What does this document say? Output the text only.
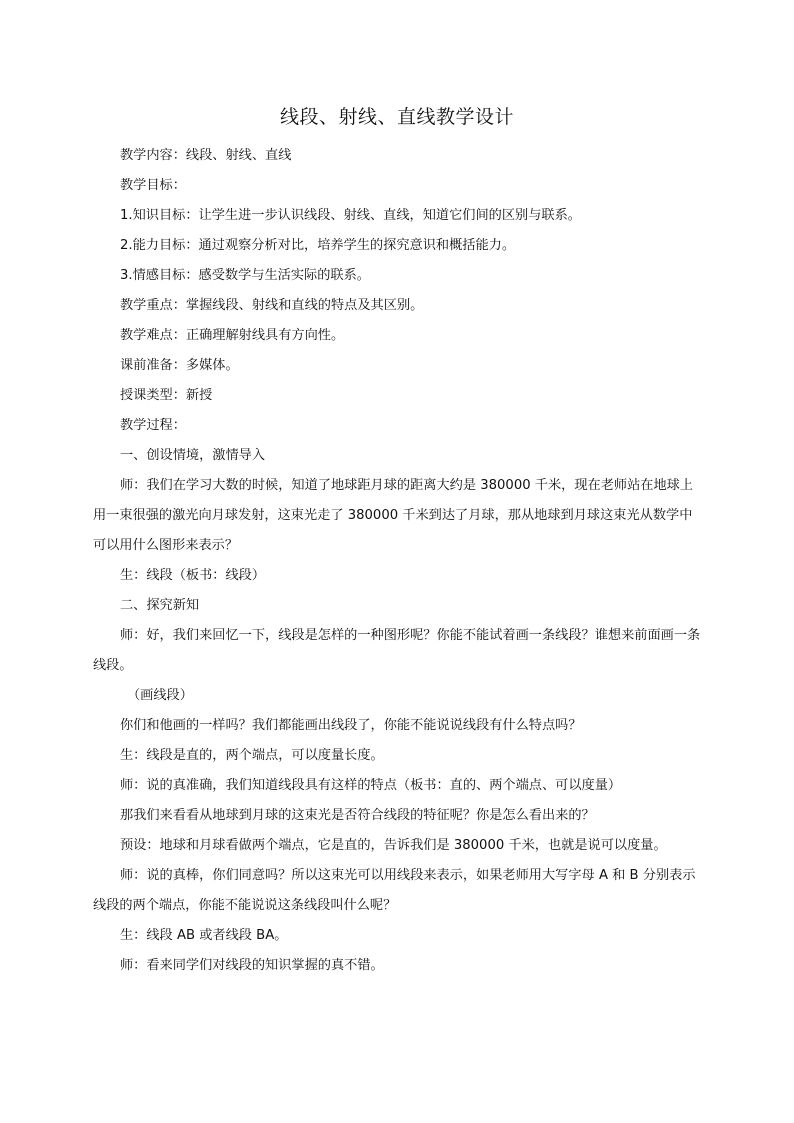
线段、射线、直线教学设计

教学内容：线段、射线、直线

教学目标：

1.知识目标：让学生进一步认识线段、射线、直线，知道它们间的区别与联系。

2.能力目标：通过观察分析对比，培养学生的探究意识和概括能力。

3.情感目标：感受数学与生活实际的联系。

教学重点：掌握线段、射线和直线的特点及其区别。

教学难点：正确理解射线具有方向性。

课前准备：多媒体。

授课类型：新授

教学过程：

一、创设情境，激情导入

师：我们在学习大数的时候，知道了地球距月球的距离大约是 380000 千米，现在老师站在地球上用一束很强的激光向月球发射，这束光走了 380000 千米到达了月球，那从地球到月球这束光从数学中可以用什么图形来表示？

生：线段（板书：线段）

二、探究新知

师：好，我们来回忆一下，线段是怎样的一种图形呢？你能不能试着画一条线段？谁想来前面画一条线段。

（画线段）

你们和他画的一样吗？我们都能画出线段了，你能不能说说线段有什么特点吗？

生：线段是直的，两个端点，可以度量长度。

师：说的真准确，我们知道线段具有这样的特点（板书：直的、两个端点、可以度量）

那我们来看看从地球到月球的这束光是否符合线段的特征呢？你是怎么看出来的？

预设：地球和月球看做两个端点，它是直的，告诉我们是 380000 千米，也就是说可以度量。

师：说的真棒，你们同意吗？所以这束光可以用线段来表示，如果老师用大写字母 A 和 B 分别表示线段的两个端点，你能不能说说这条线段叫什么呢？

生：线段 AB 或者线段 BA。

师：看来同学们对线段的知识掌握的真不错。
